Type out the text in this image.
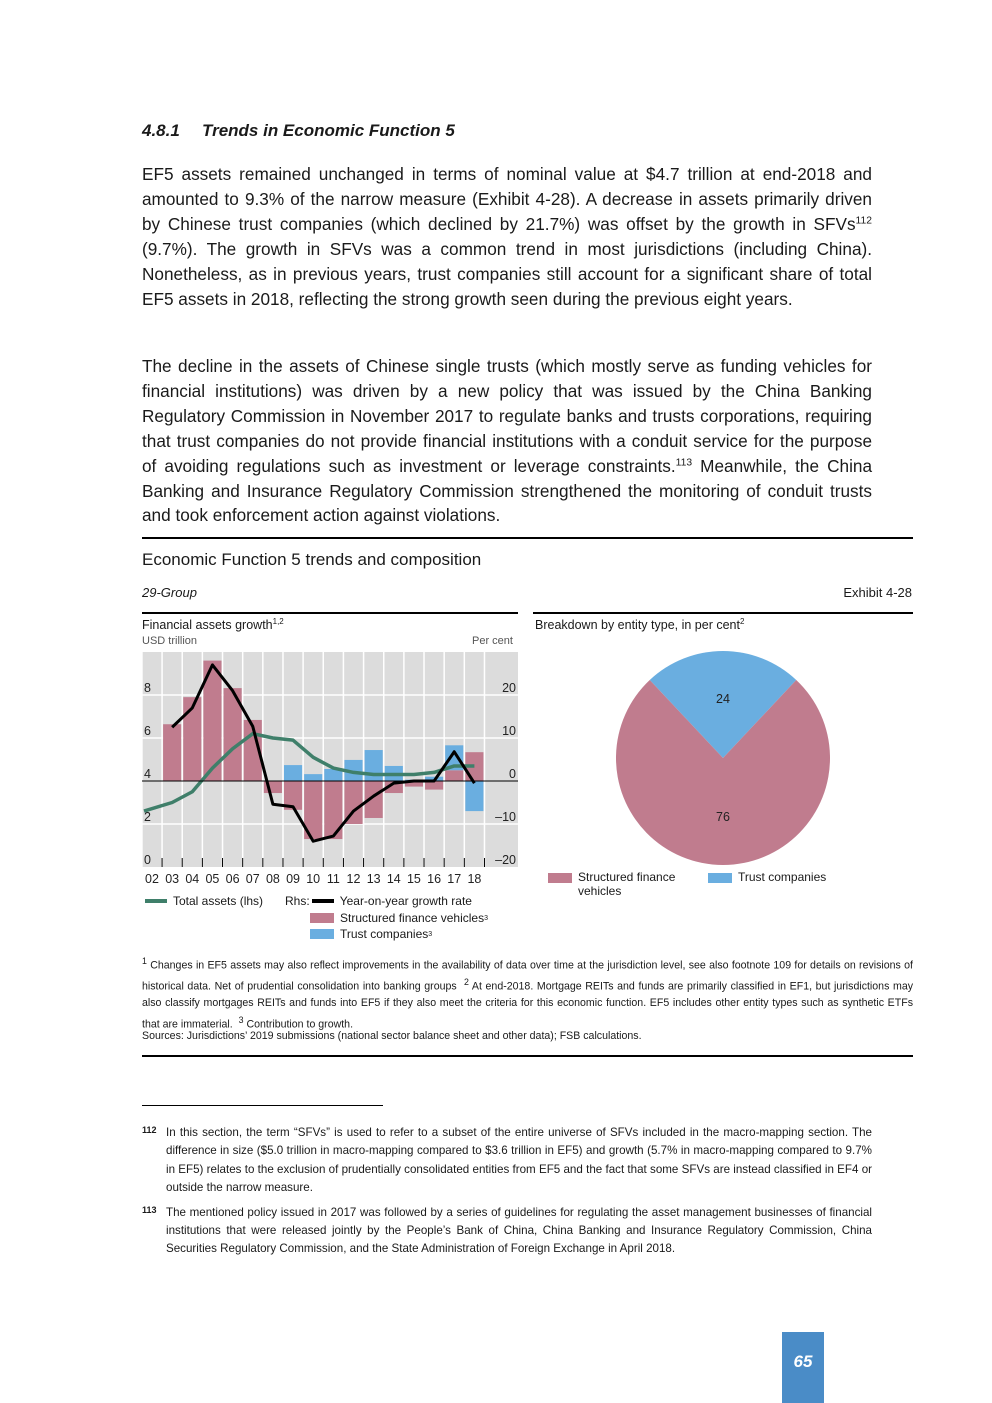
4.8.1 Trends in Economic Function 5
EF5 assets remained unchanged in terms of nominal value at $4.7 trillion at end-2018 and amounted to 9.3% of the narrow measure (Exhibit 4-28). A decrease in assets primarily driven by Chinese trust companies (which declined by 21.7%) was offset by the growth in SFVs$^{112}$ (9.7%). The growth in SFVs was a common trend in most jurisdictions (including China). Nonetheless, as in previous years, trust companies still account for a significant share of total EF5 assets in 2018, reflecting the strong growth seen during the previous eight years.
The decline in the assets of Chinese single trusts (which mostly serve as funding vehicles for financial institutions) was driven by a new policy that was issued by the China Banking Regulatory Commission in November 2017 to regulate banks and trusts corporations, requiring that trust companies do not provide financial institutions with a conduit service for the purpose of avoiding regulations such as investment or leverage constraints.$^{113}$ Meanwhile, the China Banking and Insurance Regulatory Commission strengthened the monitoring of conduit trusts and took enforcement action against violations.
Economic Function 5 trends and composition
29-Group	Exhibit 4-28
Financial assets growth$^{1,2}$
USD trillion	Per cent
02 03 04 05 06 07 08 09 10 11 12 13 14 15 16 17 18
0
2
4
6
8
–20
–10
0
10
20
Total assets (lhs) Rhs:	Year-on-year growth rate
Structured finance vehicles 3
Trust companies 3
Breakdown by entity type, in per cent$^2$
24
76
Structured finance vehicles
Trust companies
$^1$ Changes in EF5 assets may also reflect improvements in the availability of data over time at the jurisdiction level, see also footnote 109 for details on revisions of historical data. Net of prudential consolidation into banking groups $^2$ At end-2018. Mortgage REITs and funds are primarily classified in EF1, but jurisdictions may also classify mortgages REITs and funds into EF5 if they also meet the criteria for this economic function. EF5 includes other entity types such as synthetic ETFs that are immaterial. $^3$ Contribution to growth.
Sources: Jurisdictions’ 2019 submissions (national sector balance sheet and other data); FSB calculations.
112 In this section, the term “SFVs” is used to refer to a subset of the entire universe of SFVs included in the macro-mapping section. The difference in size ($5.0 trillion in macro-mapping compared to $3.6 trillion in EF5) and growth (5.7% in macro-mapping compared to 9.7% in EF5) relates to the exclusion of prudentially consolidated entities from EF5 and the fact that some SFVs are instead classified in EF4 or outside the narrow measure.
113 The mentioned policy issued in 2017 was followed by a series of guidelines for regulating the asset management businesses of financial institutions that were released jointly by the People’s Bank of China, China Banking and Insurance Regulatory Commission, China Securities Regulatory Commission, and the State Administration of Foreign Exchange in April 2018.
65
